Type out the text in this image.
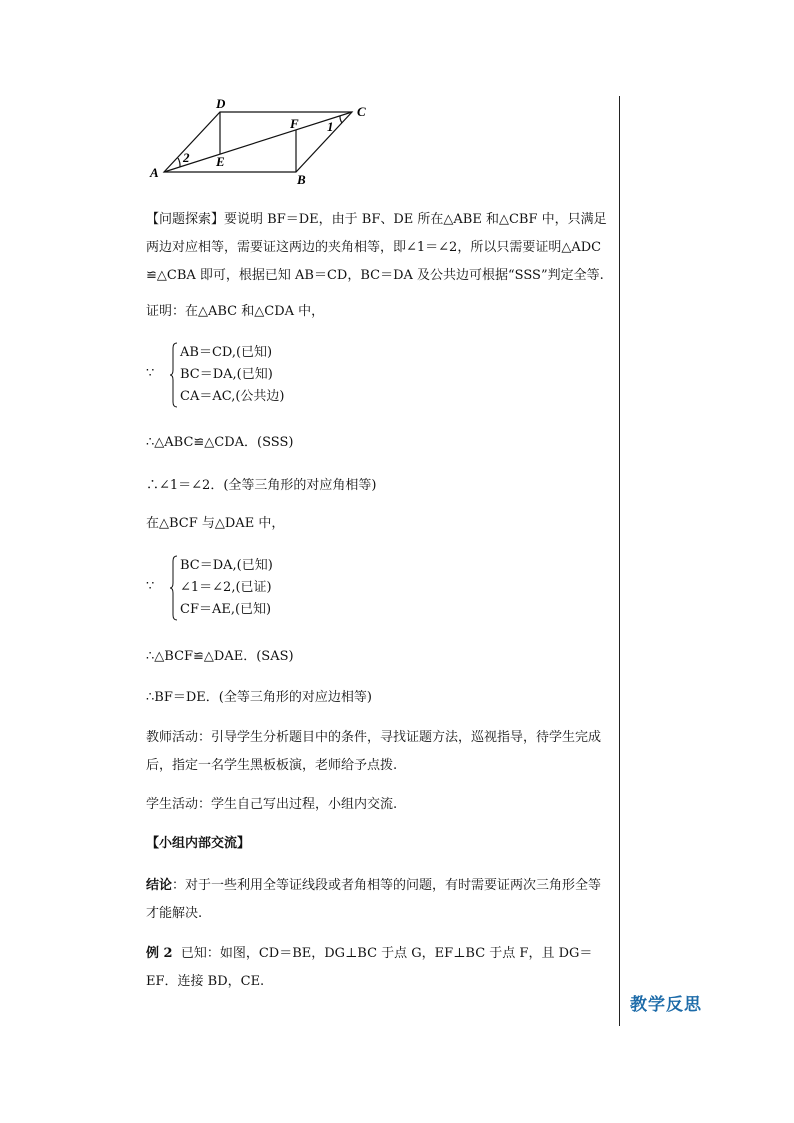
教学反思
A	B
C
D
E
F 1
2

【问题探索】要说明 BF＝DE，由于 BF、DE 所在△ABE 和△CBF 中，只满足两边对应相等，需要证这两边的夹角相等，即∠1＝∠2，所以只需要证明△ADC ≌△CBA 即可，根据已知 AB＝CD，BC＝DA 及公共边可根据“SSS”判定全等.

证明：在△ABC 和△CDA 中，

∵
AB＝CD,(已知)
BC＝DA,(已知)
CA＝AC,(公共边)

∴△ABC≌△CDA．(SSS)

∴∠1＝∠2．(全等三角形的对应角相等)

在△BCF 与△DAE 中，

∵
BC＝DA,(已知)
∠1＝∠2,(已证)
CF＝AE,(已知)

∴△BCF≌△DAE．(SAS)

∴BF＝DE．(全等三角形的对应边相等)

教师活动：引导学生分析题目中的条件，寻找证题方法，巡视指导，待学生完成后，指定一名学生黑板板演，老师给予点拨.

学生活动：学生自己写出过程，小组内交流.

【小组内部交流】

结论：对于一些利用全等证线段或者角相等的问题，有时需要证两次三角形全等才能解决.

例 2 已知：如图，CD＝BE，DG⊥BC 于点 G，EF⊥BC 于点 F，且 DG＝EF．连接 BD，CE.
